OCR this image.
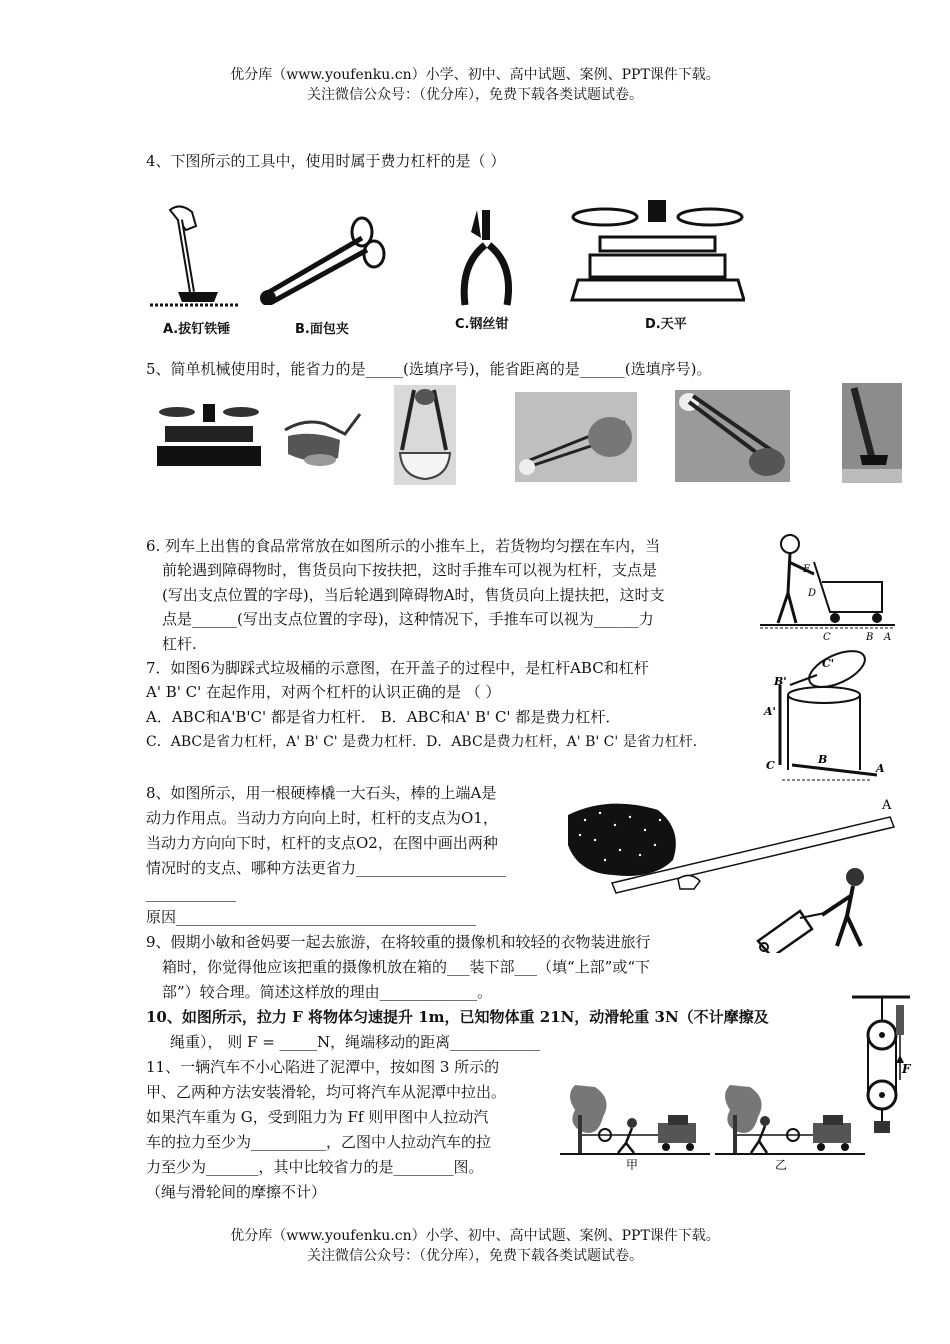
优分库（www.youfenku.cn）小学、初中、高中试题、案例、PPT课件下载。
关注微信公众号：（优分库），免费下载各类试题试卷。
4、下图所示的工具中，使用时属于费力杠杆的是（ ）
A.拔钉铁锤	B.面包夹	C.钢丝钳	D.天平
5、简单机械使用时，能省力的是_____(选填序号)，能省距离的是______(选填序号)。
6. 列车上出售的食品常常放在如图所示的小推车上，若货物均匀摆在车内，当
前轮遇到障碍物时，售货员向下按扶把，这时手推车可以视为杠杆，支点是
(写出支点位置的字母)，当后轮遇到障碍物A时，售货员向上提扶把，这时支
点是______(写出支点位置的字母)，这种情况下，手推车可以视为______力
杠杆.
E
D
C	B A
7．如图6为脚踩式垃圾桶的示意图，在开盖子的过程中，是杠杆ABC和杠杆
A' B' C' 在起作用，对两个杠杆的认识正确的是 （ ）
A．ABC和A'B'C' 都是省力杠杆． B．ABC和A' B' C' 都是费力杠杆．
C．ABC是省力杠杆，A' B' C' 是费力杠杆．D．ABC是费力杠杆，A' B' C' 是省力杠杆．
B'
C'
A'
C	B
A
8、如图所示，用一根硬棒橇一大石头，棒的上端A是
动力作用点。当动力方向向上时，杠杆的支点为O1，
当动力方向向下时，杠杆的支点O2，在图中画出两种
情况时的支点、哪种方法更省力____________________
____________
原因________________________________________
A
9、假期小敏和爸妈要一起去旅游，在将较重的摄像机和较轻的衣物装进旅行
箱时，你觉得他应该把重的摄像机放在箱的___装下部___（填“上部”或“下
部”）较合理。简述这样放的理由_____________。
10、如图所示，拉力 F 将物体匀速提升 1m，已知物体重 21N，动滑轮重 3N（不计摩擦及
绳重）， 则 F = _____N，绳端移动的距离____________
F
11、一辆汽车不小心陷进了泥潭中，按如图 3 所示的
甲、乙两种方法安装滑轮，均可将汽车从泥潭中拉出。
如果汽车重为 G，受到阻力为 Ff 则甲图中人拉动汽
车的拉力至少为__________，乙图中人拉动汽车的拉
力至少为_______，其中比较省力的是________图。
（绳与滑轮间的摩擦不计）
甲	乙
优分库（www.youfenku.cn）小学、初中、高中试题、案例、PPT课件下载。
关注微信公众号：（优分库），免费下载各类试题试卷。
